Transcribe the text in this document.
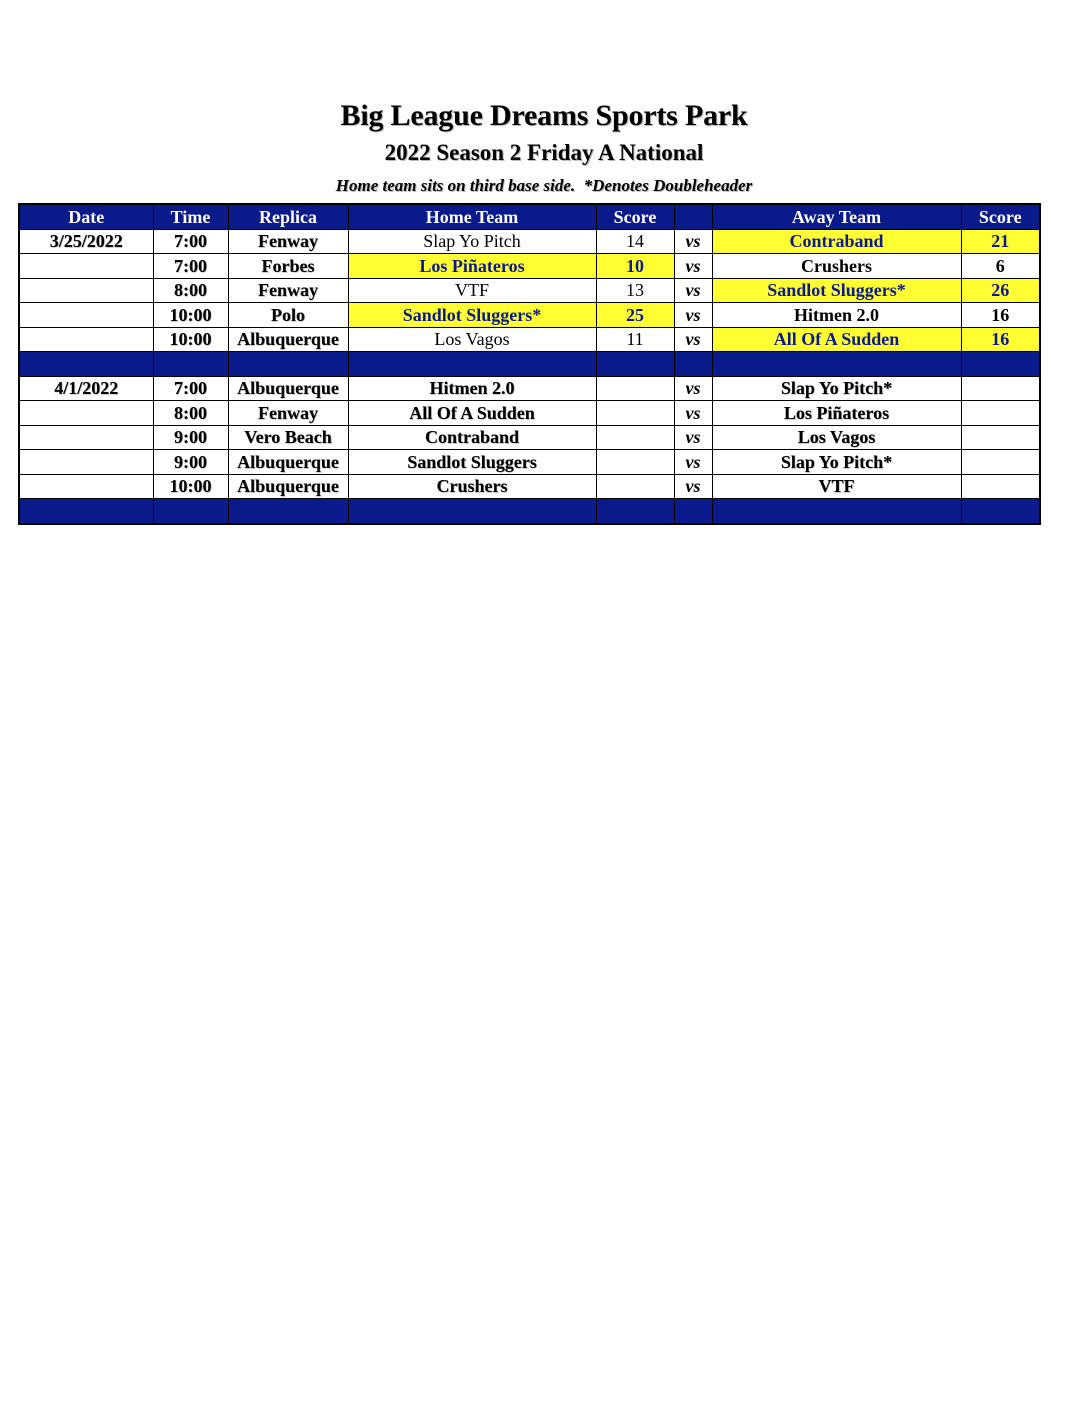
Big League Dreams Sports Park
2022 Season 2 Friday A National
Home team sits on third base side.  *Denotes Doubleheader
Date	Time	Replica	Home Team	Score		Away Team	Score
3/25/2022	7:00	Fenway	Slap Yo Pitch	14	vs	Contraband	21
	7:00	Forbes	Los Piñateros	10	vs	Crushers	6
	8:00	Fenway	VTF	13	vs	Sandlot Sluggers*	26
	10:00	Polo	Sandlot Sluggers*	25	vs	Hitmen 2.0	16
	10:00	Albuquerque	Los Vagos	11	vs	All Of A Sudden	16

4/1/2022	7:00	Albuquerque	Hitmen 2.0		vs	Slap Yo Pitch*	
	8:00	Fenway	All Of A Sudden		vs	Los Piñateros	
	9:00	Vero Beach	Contraband		vs	Los Vagos	
	9:00	Albuquerque	Sandlot Sluggers		vs	Slap Yo Pitch*	
	10:00	Albuquerque	Crushers		vs	VTF	
